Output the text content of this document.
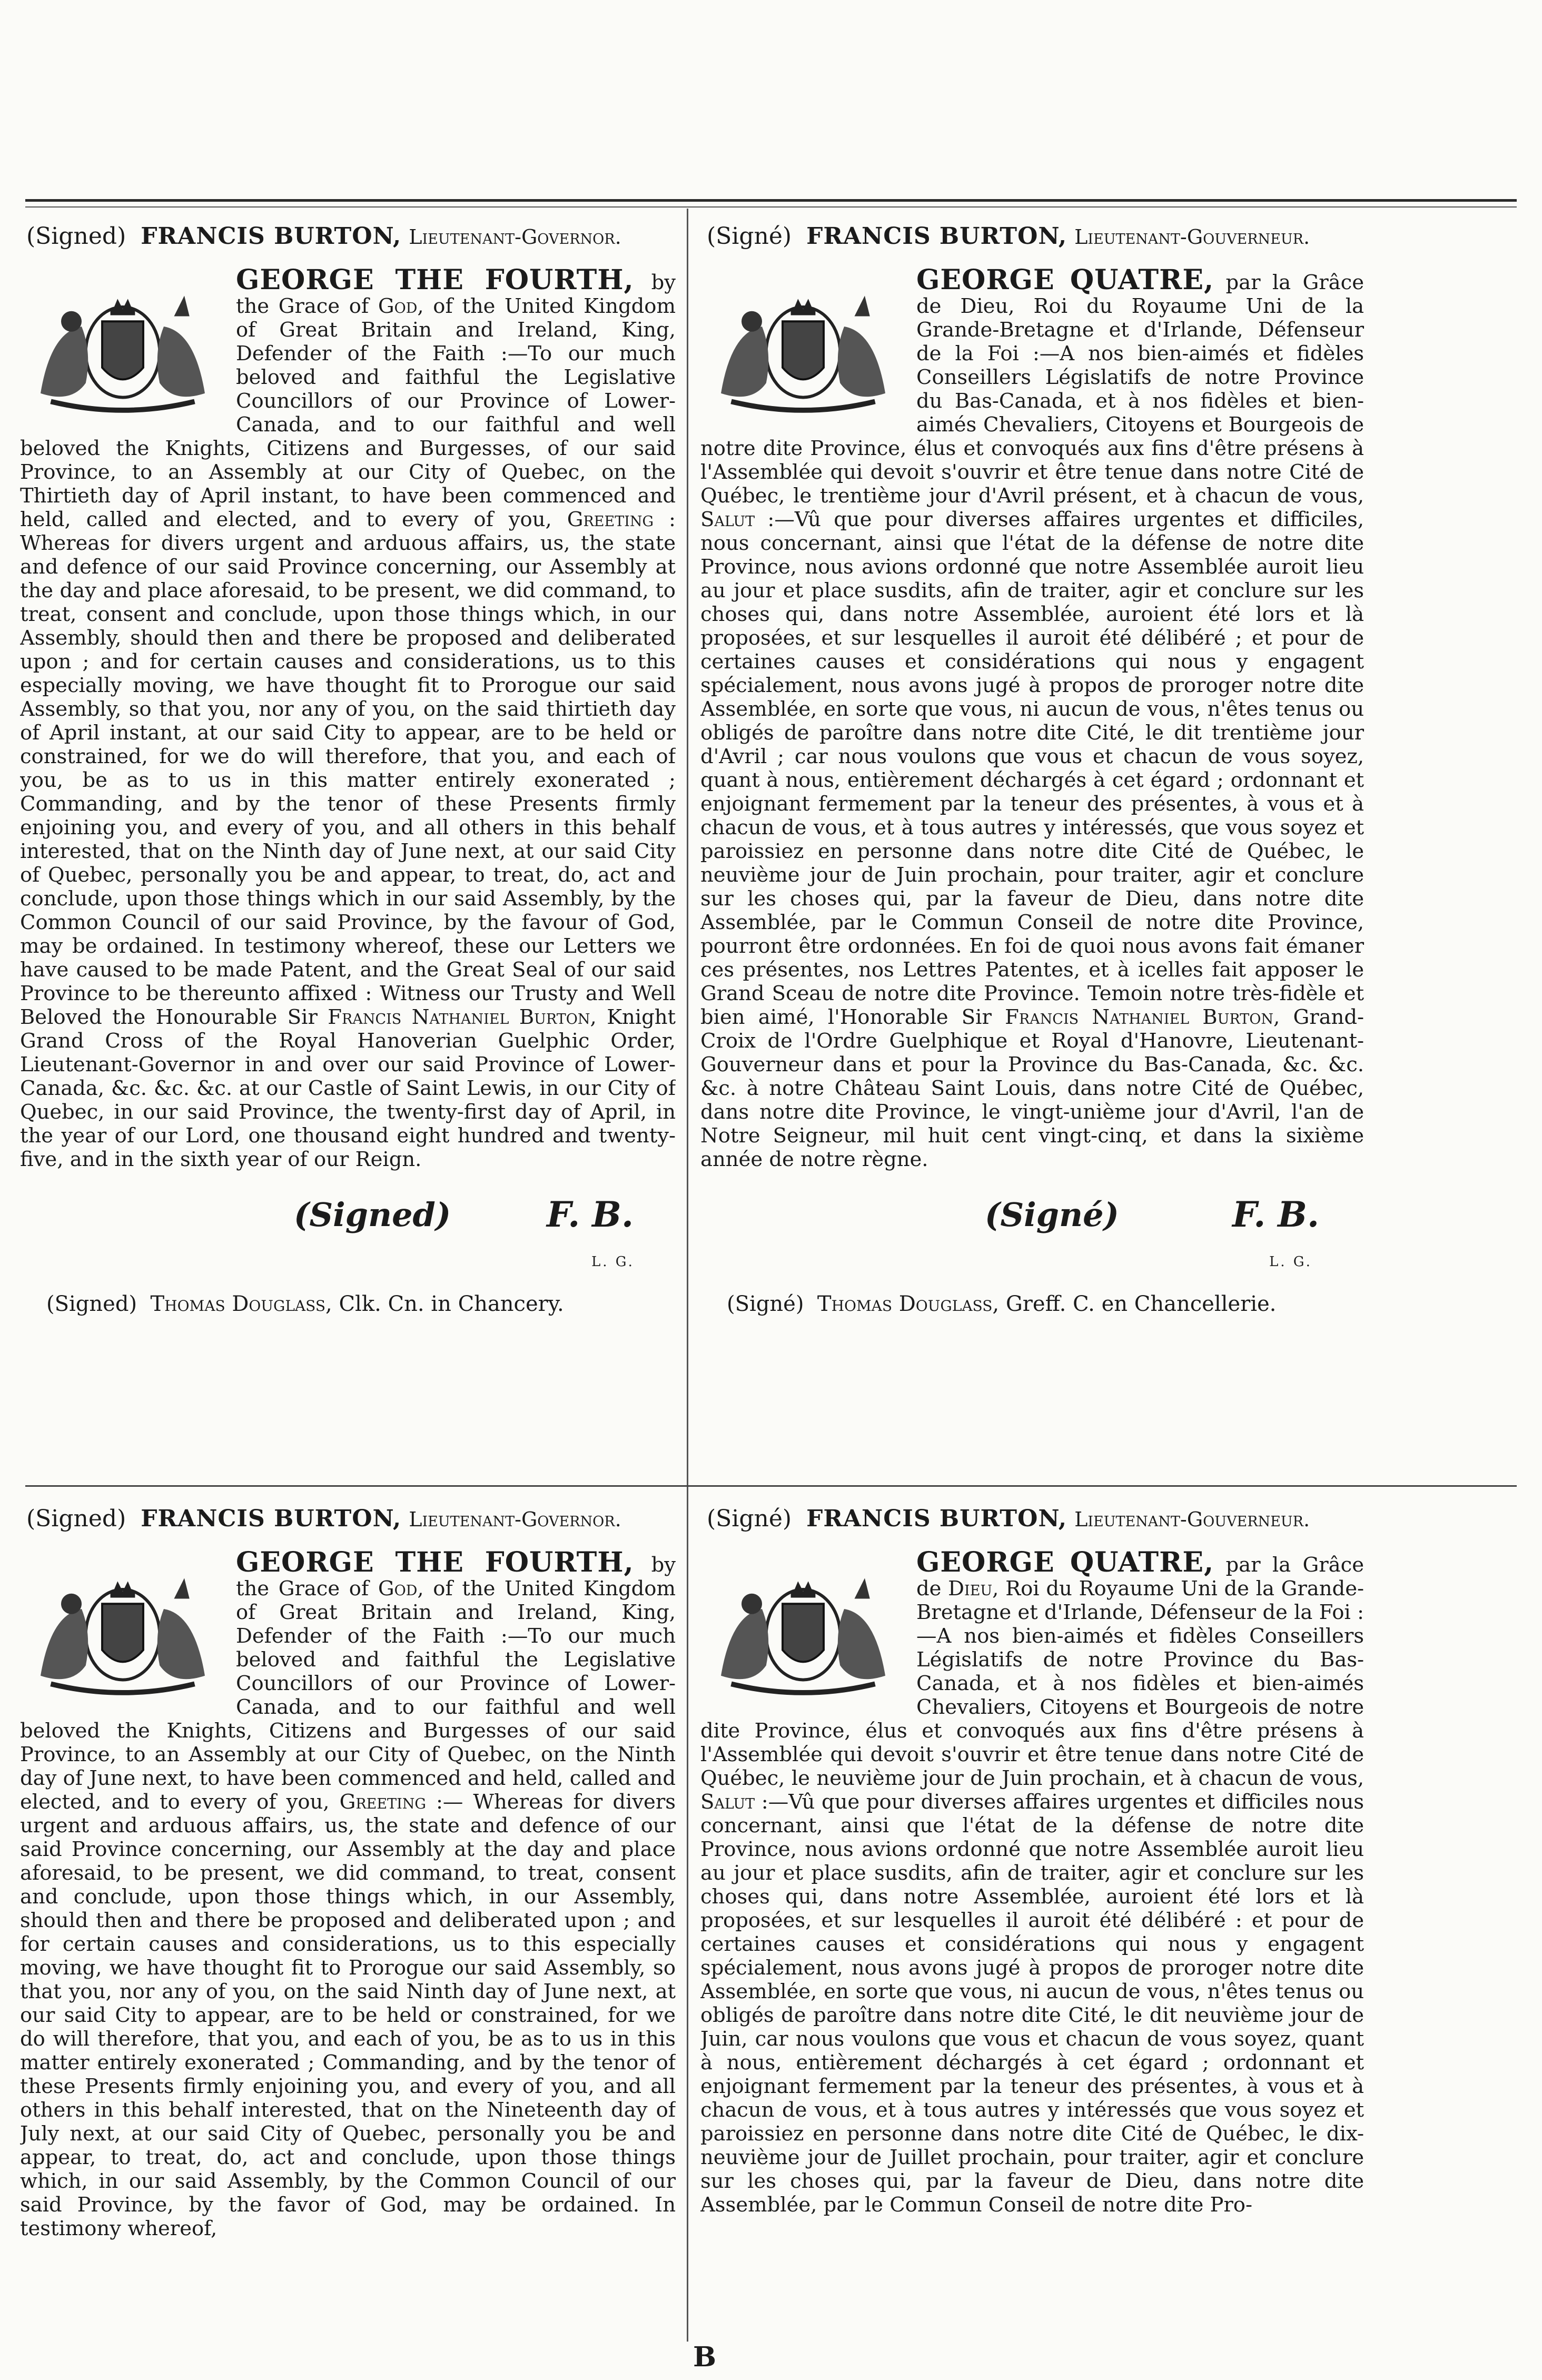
(Signed) FRANCIS BURTON, Lieutenant-Governor.
GEORGE THE FOURTH, by the Grace of God, of the United Kingdom of Great Britain and Ireland, King, Defender of the Faith :—To our much beloved and faithful the Legislative Councillors of our Province of Lower-Canada, and to our faithful and well beloved the Knights, Citizens and Burgesses, of our said Province, to an Assembly at our City of Quebec, on the Thirtieth day of April instant, to have been commenced and held, called and elected, and to every of you, Greeting : Whereas for divers urgent and arduous affairs, us, the state and defence of our said Province concerning, our Assembly at the day and place aforesaid, to be present, we did command, to treat, consent and conclude, upon those things which, in our Assembly, should then and there be proposed and deliberated upon ; and for certain causes and considerations, us to this especially moving, we have thought fit to Prorogue our said Assembly, so that you, nor any of you, on the said thirtieth day of April instant, at our said City to appear, are to be held or constrained, for we do will therefore, that you, and each of you, be as to us in this matter entirely exonerated ; Commanding, and by the tenor of these Presents firmly enjoining you, and every of you, and all others in this behalf interested, that on the Ninth day of June next, at our said City of Quebec, personally you be and appear, to treat, do, act and conclude, upon those things which in our said Assembly, by the Common Council of our said Province, by the favour of God, may be ordained. In testimony whereof, these our Letters we have caused to be made Patent, and the Great Seal of our said Province to be thereunto affixed : Witness our Trusty and Well Beloved the Honourable Sir Francis Nathaniel Burton, Knight Grand Cross of the Royal Hanoverian Guelphic Order, Lieutenant-Governor in and over our said Province of Lower-Canada, &c. &c. &c. at our Castle of Saint Lewis, in our City of Quebec, in our said Province, the twenty-first day of April, in the year of our Lord, one thousand eight hundred and twenty-five, and in the sixth year of our Reign.
(Signed)	F. B.
L. G.
(Signed) Thomas Douglass, Clk. Cn. in Chancery.
(Signé) FRANCIS BURTON, Lieutenant-Gouverneur.
GEORGE QUATRE, par la Grâce de Dieu, Roi du Royaume Uni de la Grande-Bretagne et d'Irlande, Défenseur de la Foi :—A nos bien-aimés et fidèles Conseillers Législatifs de notre Province du Bas-Canada, et à nos fidèles et bien-aimés Chevaliers, Citoyens et Bourgeois de notre dite Province, élus et convoqués aux fins d'être présens à l'Assemblée qui devoit s'ouvrir et être tenue dans notre Cité de Québec, le trentième jour d'Avril présent, et à chacun de vous, Salut :—Vû que pour diverses affaires urgentes et difficiles, nous concernant, ainsi que l'état de la défense de notre dite Province, nous avions ordonné que notre Assemblée auroit lieu au jour et place susdits, afin de traiter, agir et conclure sur les choses qui, dans notre Assemblée, auroient été lors et là proposées, et sur lesquelles il auroit été délibéré ; et pour de certaines causes et considérations qui nous y engagent spécialement, nous avons jugé à propos de proroger notre dite Assemblée, en sorte que vous, ni aucun de vous, n'êtes tenus ou obligés de paroître dans notre dite Cité, le dit trentième jour d'Avril ; car nous voulons que vous et chacun de vous soyez, quant à nous, entièrement déchargés à cet égard ; ordonnant et enjoignant fermement par la teneur des présentes, à vous et à chacun de vous, et à tous autres y intéressés, que vous soyez et paroissiez en personne dans notre dite Cité de Québec, le neuvième jour de Juin prochain, pour traiter, agir et conclure sur les choses qui, par la faveur de Dieu, dans notre dite Assemblée, par le Commun Conseil de notre dite Province, pourront être ordonnées. En foi de quoi nous avons fait émaner ces présentes, nos Lettres Patentes, et à icelles fait apposer le Grand Sceau de notre dite Province. Temoin notre très-fidèle et bien aimé, l'Honorable Sir Francis Nathaniel Burton, Grand-Croix de l'Ordre Guelphique et Royal d'Hanovre, Lieutenant-Gouverneur dans et pour la Province du Bas-Canada, &c. &c. &c. à notre Château Saint Louis, dans notre Cité de Québec, dans notre dite Province, le vingt-unième jour d'Avril, l'an de Notre Seigneur, mil huit cent vingt-cinq, et dans la sixième année de notre règne.
(Signé)	F. B.
L. G.
(Signé) Thomas Douglass, Greff. C. en Chancellerie.
(Signed) FRANCIS BURTON, Lieutenant-Governor.
GEORGE THE FOURTH, by the Grace of God, of the United Kingdom of Great Britain and Ireland, King, Defender of the Faith :—To our much beloved and faithful the Legislative Councillors of our Province of Lower-Canada, and to our faithful and well beloved the Knights, Citizens and Burgesses of our said Province, to an Assembly at our City of Quebec, on the Ninth day of June next, to have been commenced and held, called and elected, and to every of you, Greeting :— Whereas for divers urgent and arduous affairs, us, the state and defence of our said Province concerning, our Assembly at the day and place aforesaid, to be present, we did command, to treat, consent and conclude, upon those things which, in our Assembly, should then and there be proposed and deliberated upon ; and for certain causes and considerations, us to this especially moving, we have thought fit to Prorogue our said Assembly, so that you, nor any of you, on the said Ninth day of June next, at our said City to appear, are to be held or constrained, for we do will therefore, that you, and each of you, be as to us in this matter entirely exonerated ; Commanding, and by the tenor of these Presents firmly enjoining you, and every of you, and all others in this behalf interested, that on the Nineteenth day of July next, at our said City of Quebec, personally you be and appear, to treat, do, act and conclude, upon those things which, in our said Assembly, by the Common Council of our said Province, by the favor of God, may be ordained. In testimony whereof,
(Signé) FRANCIS BURTON, Lieutenant-Gouverneur.
GEORGE QUATRE, par la Grâce de Dieu, Roi du Royaume Uni de la Grande-Bretagne et d'Irlande, Défenseur de la Foi :—A nos bien-aimés et fidèles Conseillers Législatifs de notre Province du Bas-Canada, et à nos fidèles et bien-aimés Chevaliers, Citoyens et Bourgeois de notre dite Province, élus et convoqués aux fins d'être présens à l'Assemblée qui devoit s'ouvrir et être tenue dans notre Cité de Québec, le neuvième jour de Juin prochain, et à chacun de vous, Salut :—Vû que pour diverses affaires urgentes et difficiles nous concernant, ainsi que l'état de la défense de notre dite Province, nous avions ordonné que notre Assemblée auroit lieu au jour et place susdits, afin de traiter, agir et conclure sur les choses qui, dans notre Assemblée, auroient été lors et là proposées, et sur lesquelles il auroit été délibéré : et pour de certaines causes et considérations qui nous y engagent spécialement, nous avons jugé à propos de proroger notre dite Assemblée, en sorte que vous, ni aucun de vous, n'êtes tenus ou obligés de paroître dans notre dite Cité, le dit neuvième jour de Juin, car nous voulons que vous et chacun de vous soyez, quant à nous, entièrement déchargés à cet égard ; ordonnant et enjoignant fermement par la teneur des présentes, à vous et à chacun de vous, et à tous autres y intéressés que vous soyez et paroissiez en personne dans notre dite Cité de Québec, le dix-neuvième jour de Juillet prochain, pour traiter, agir et conclure sur les choses qui, par la faveur de Dieu, dans notre dite Assemblée, par le Commun Conseil de notre dite Pro-
B
